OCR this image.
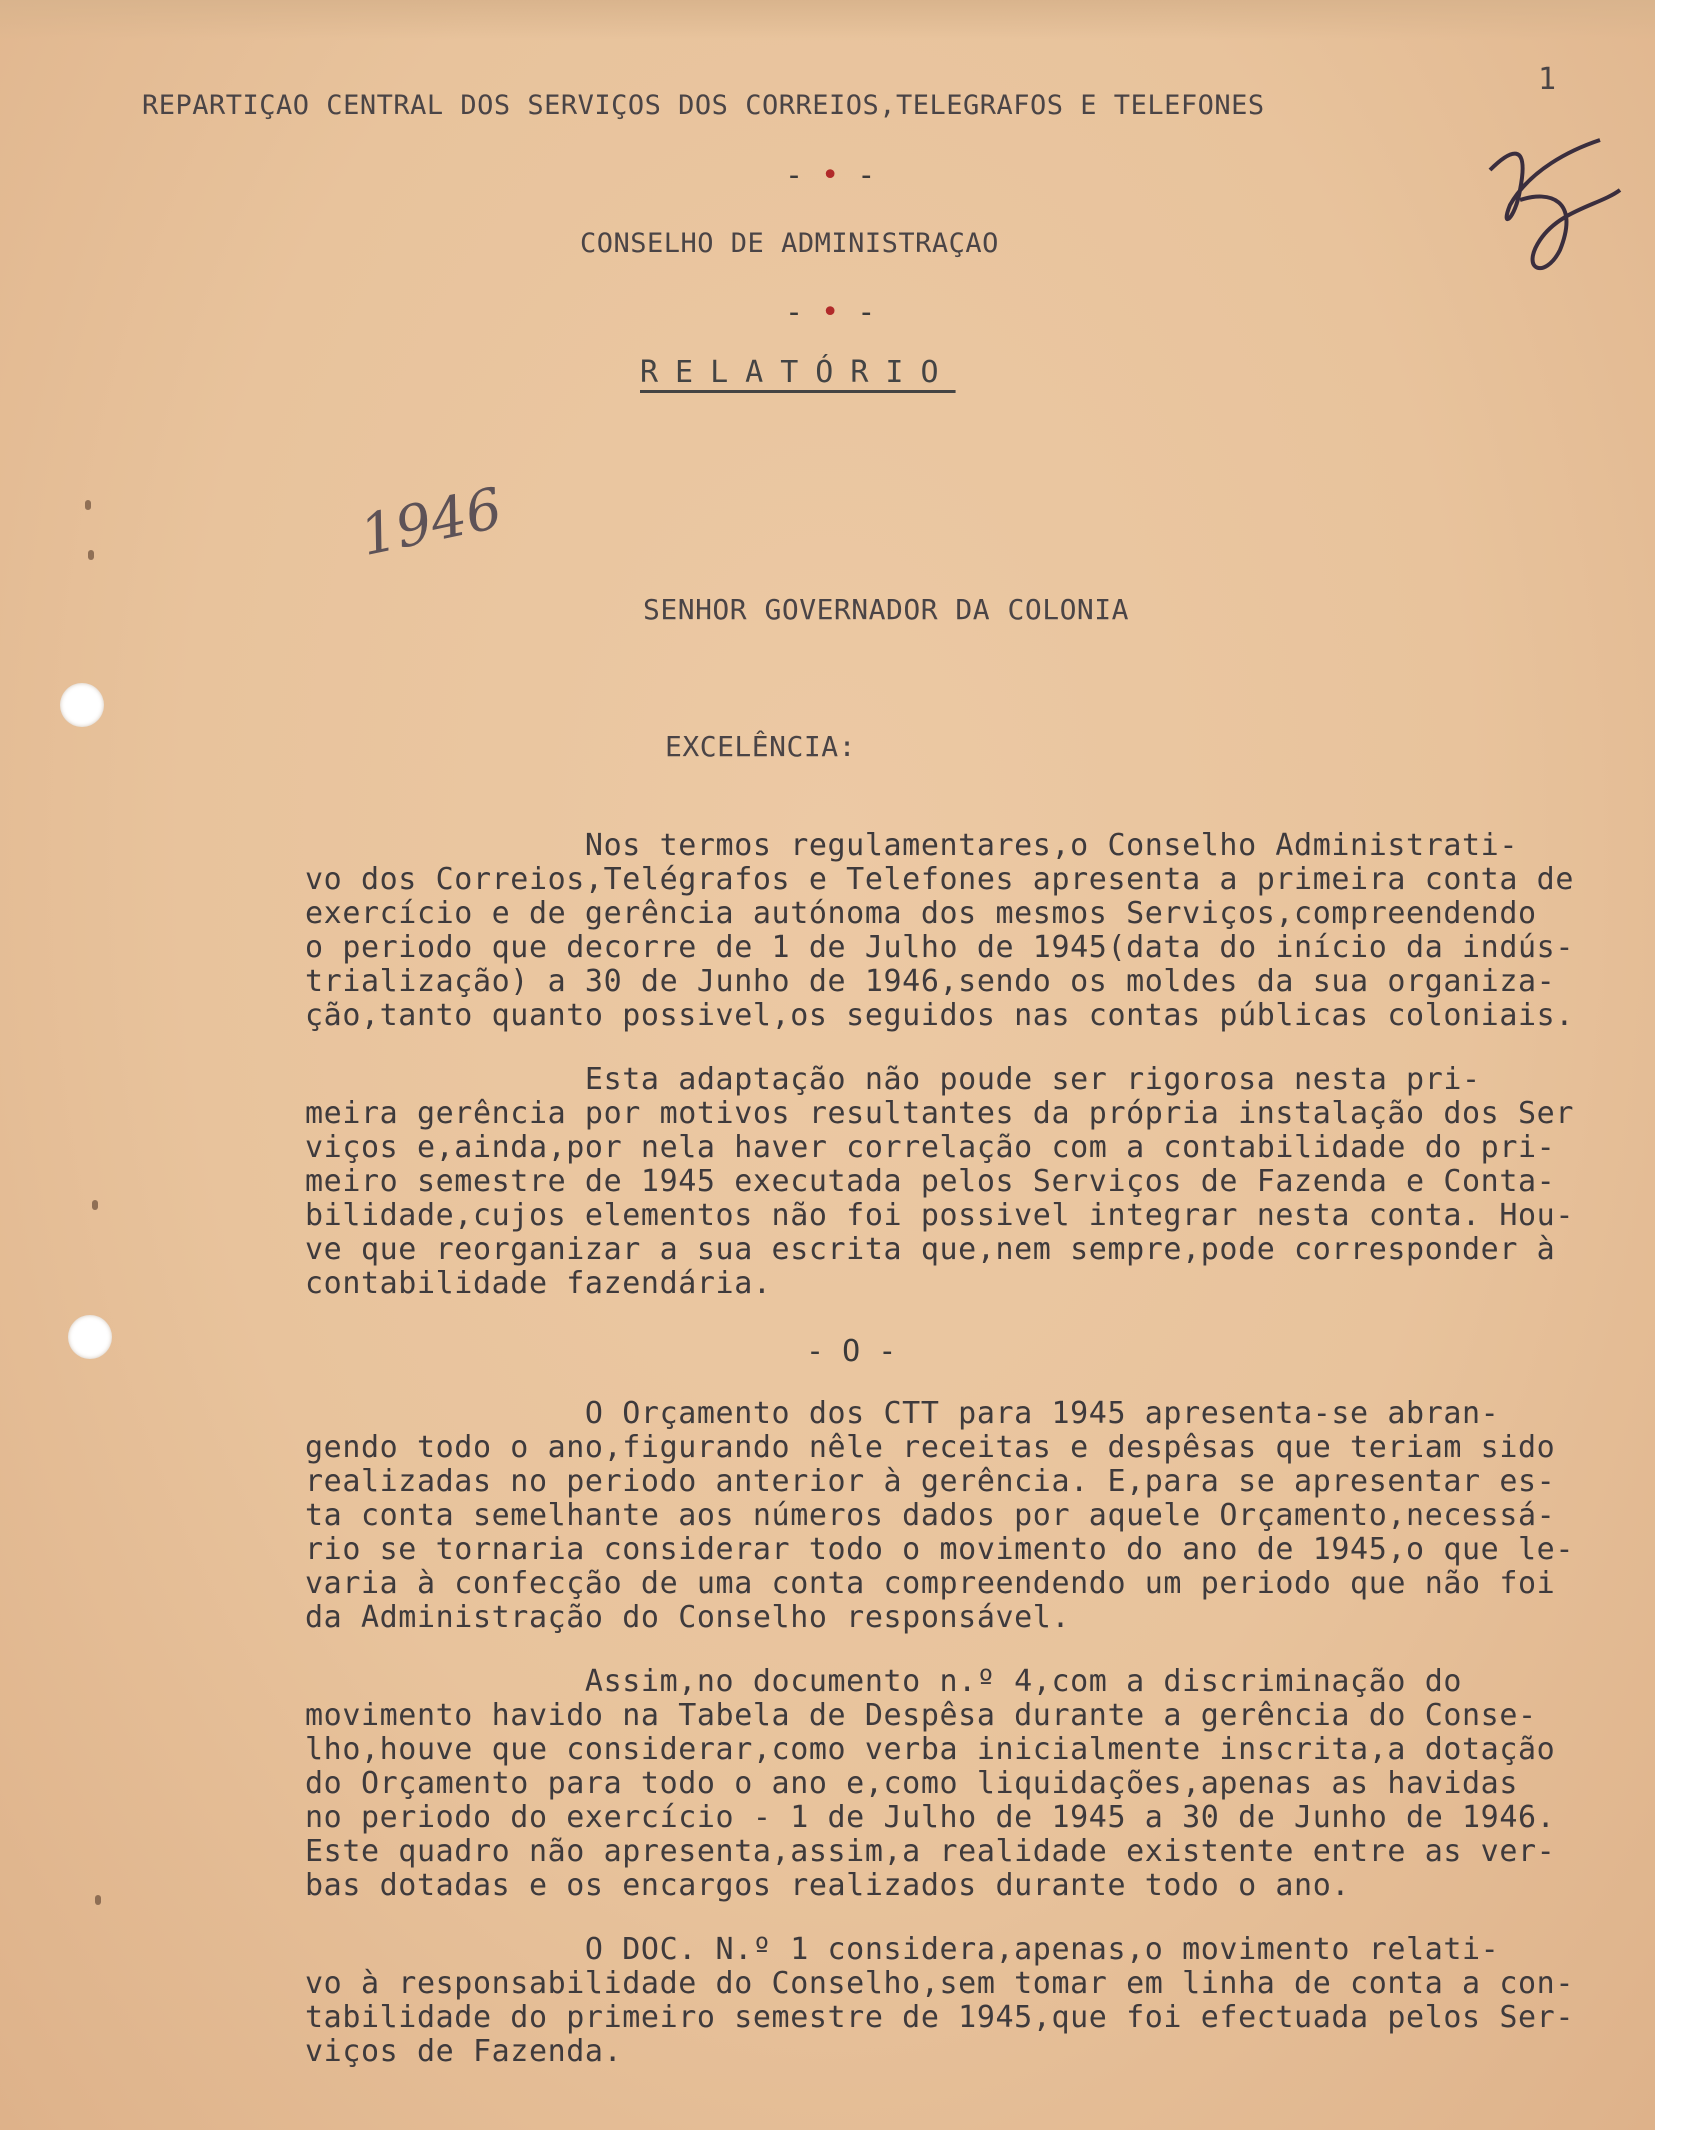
REPARTIÇAO CENTRAL DOS SERVIÇOS DOS CORREIOS,TELEGRAFOS E TELEFONES
1
- • -
CONSELHO DE ADMINISTRAÇAO
- • -
RELATÓRIO
1946
SENHOR GOVERNADOR DA COLONIA
EXCELÊNCIA:
Nos termos regulamentares,o Conselho Administrati-
vo dos Correios,Telégrafos e Telefones apresenta a primeira conta de
exercício e de gerência autónoma dos mesmos Serviços,compreendendo
o periodo que decorre de 1 de Julho de 1945(data do início da indús-
trialização) a 30 de Junho de 1946,sendo os moldes da sua organiza-
ção,tanto quanto possivel,os seguidos nas contas públicas coloniais.
Esta adaptação não poude ser rigorosa nesta pri-
meira gerência por motivos resultantes da própria instalação dos Ser
viços e,ainda,por nela haver correlação com a contabilidade do pri-
meiro semestre de 1945 executada pelos Serviços de Fazenda e Conta-
bilidade,cujos elementos não foi possivel integrar nesta conta. Hou-
ve que reorganizar a sua escrita que,nem sempre,pode corresponder à
contabilidade fazendária.
- O -
O Orçamento dos CTT para 1945 apresenta-se abran-
gendo todo o ano,figurando nêle receitas e despêsas que teriam sido
realizadas no periodo anterior à gerência. E,para se apresentar es-
ta conta semelhante aos números dados por aquele Orçamento,necessá-
rio se tornaria considerar todo o movimento do ano de 1945,o que le-
varia à confecção de uma conta compreendendo um periodo que não foi
da Administração do Conselho responsável.
Assim,no documento n.º 4,com a discriminação do
movimento havido na Tabela de Despêsa durante a gerência do Conse-
lho,houve que considerar,como verba inicialmente inscrita,a dotação
do Orçamento para todo o ano e,como liquidações,apenas as havidas
no periodo do exercício - 1 de Julho de 1945 a 30 de Junho de 1946.
Este quadro não apresenta,assim,a realidade existente entre as ver-
bas dotadas e os encargos realizados durante todo o ano.
O DOC. N.º 1 considera,apenas,o movimento relati-
vo à responsabilidade do Conselho,sem tomar em linha de conta a con-
tabilidade do primeiro semestre de 1945,que foi efectuada pelos Ser-
viços de Fazenda.
